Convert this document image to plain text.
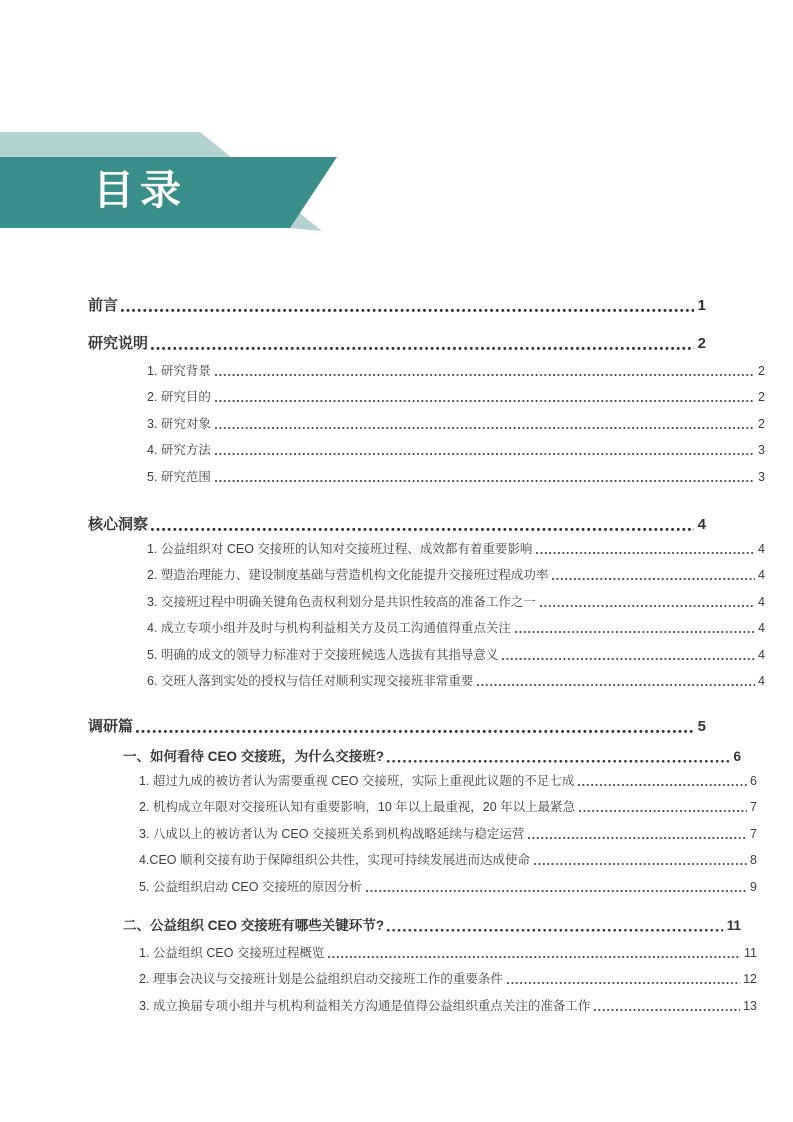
目录
前言	1
研究说明	2
1. 研究背景	2
2. 研究目的	2
3. 研究对象	2
4. 研究方法	3
5. 研究范围	3
核心洞察	4
1. 公益组织对 CEO 交接班的认知对交接班过程、成效都有着重要影响	4
2. 塑造治理能力、建设制度基础与营造机构文化能提升交接班过程成功率	4
3. 交接班过程中明确关键角色责权利划分是共识性较高的准备工作之一	4
4. 成立专项小组并及时与机构利益相关方及员工沟通值得重点关注	4
5. 明确的成文的领导力标准对于交接班候选人选拔有其指导意义	4
6. 交班人落到实处的授权与信任对顺利实现交接班非常重要	4
调研篇	5
一、如何看待 CEO 交接班，为什么交接班?	6
1. 超过九成的被访者认为需要重视 CEO 交接班，实际上重视此议题的不足七成	6
2. 机构成立年限对交接班认知有重要影响，10 年以上最重视，20 年以上最紧急	7
3. 八成以上的被访者认为 CEO 交接班关系到机构战略延续与稳定运营	7
4.CEO 顺利交接有助于保障组织公共性，实现可持续发展进而达成使命	8
5. 公益组织启动 CEO 交接班的原因分析	9
二、公益组织 CEO 交接班有哪些关键环节?	11
1. 公益组织 CEO 交接班过程概览	11
2. 理事会决议与交接班计划是公益组织启动交接班工作的重要条件	12
3. 成立换届专项小组并与机构利益相关方沟通是值得公益组织重点关注的准备工作	13
